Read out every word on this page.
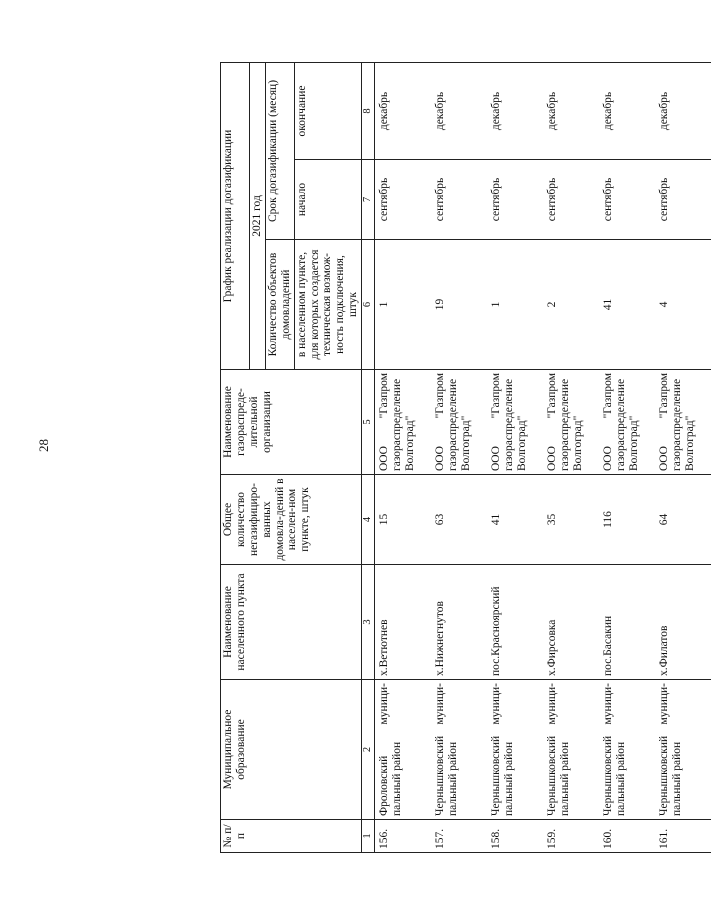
28
№ п/п	Муниципальное образование	Наименование населенного пункта	Общее количество негазифициро-ванных домовла-дений в населен-ном пункте, штук	Наименование газораспреде-лительной организации	График реализации догазификации		
					2021 год		
					Количество объектов домовладений	Срок догазификации (месяц)	
					в населенном пункте, для которых создается техническая возмож-ность подключения, штук	начало	окончание
1	2	3	4	5	6	7	8
156.	Фроловский муници-пальный район	х.Ветютнев	15	ООО "Газпром газораспределение Волгоград"	1	сентябрь	декабрь
157.	Чернышковский муници-пальный район	х.Нижнегнутов	63	ООО "Газпром газораспределение Волгоград"	19	сентябрь	декабрь
158.	Чернышковский муници-пальный район	пос.Красноярский	41	ООО "Газпром газораспределение Волгоград"	1	сентябрь	декабрь
159.	Чернышковский муници-пальный район	х.Фирсовка	35	ООО "Газпром газораспределение Волгоград"	2	сентябрь	декабрь
160.	Чернышковский муници-пальный район	пос.Басакин	116	ООО "Газпром газораспределение Волгоград"	41	сентябрь	декабрь
161.	Чернышковский муници-пальный район	х.Филатов	64	ООО "Газпром газораспределение Волгоград"	4	сентябрь	декабрь
